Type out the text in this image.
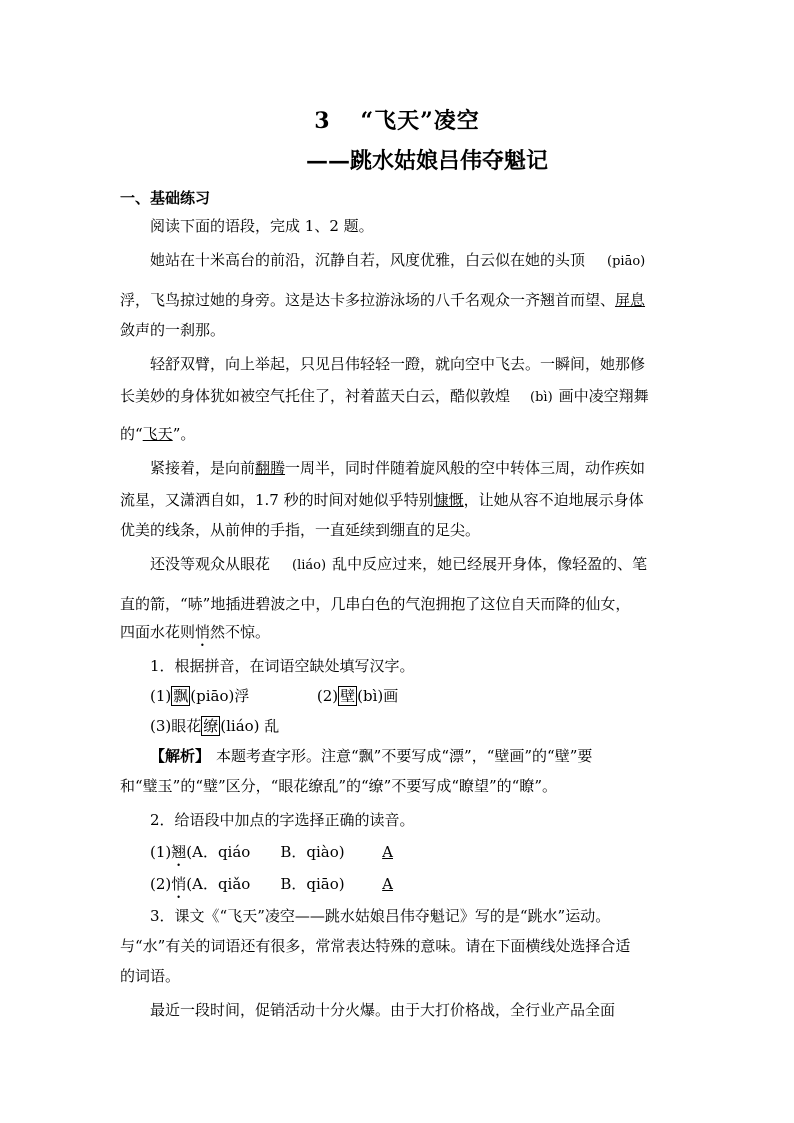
3 “飞天”凌空
——跳水姑娘吕伟夺魁记
一、基础练习
阅读下面的语段，完成 1、2 题。
她站在十米高台的前沿，沉静自若，风度优雅，白云似在她的头顶 (piāo)
浮，飞鸟掠过她的身旁。这是达卡多拉游泳场的八千名观众一齐翘首而望、屏息
敛声的一刹那。
轻舒双臂，向上举起，只见吕伟轻轻一蹬，就向空中飞去。一瞬间，她那修
长美妙的身体犹如被空气托住了，衬着蓝天白云，酷似敦煌 (bì) 画中凌空翔舞
的“飞天”。
紧接着，是向前翻腾一周半，同时伴随着旋风般的空中转体三周，动作疾如
流星，又潇洒自如，1.7 秒的时间对她似乎特别慷慨，让她从容不迫地展示身体
优美的线条，从前伸的手指，一直延续到绷直的足尖。
还没等观众从眼花 (liáo) 乱中反应过来，她已经展开身体，像轻盈的、笔
直的箭，“哧”地插进碧波之中，几串白色的气泡拥抱了这位自天而降的仙女，
四面水花则悄然不惊。
1．根据拼音，在词语空缺处填写汉字。
(1) 飘 (piāo)浮	(2) 壁 (bì)画
(3)眼花 缭 (liáo) 乱
【解析】 本题考查字形。注意“飘”不要写成“漂”，“壁画”的“壁”要
和“璧玉”的“璧”区分，“眼花缭乱”的“缭”不要写成“瞭望”的“瞭”。
2．给语段中加点的字选择正确的读音。
(1)翘(A．qiáo　　B．qiào)	A
(2)悄(A．qiǎo　　B．qiāo)	A
3．课文《“飞天”凌空——跳水姑娘吕伟夺魁记》写的是“跳水”运动。
与“水”有关的词语还有很多，常常表达特殊的意味。请在下面横线处选择合适
的词语。
最近一段时间，促销活动十分火爆。由于大打价格战，全行业产品全面
